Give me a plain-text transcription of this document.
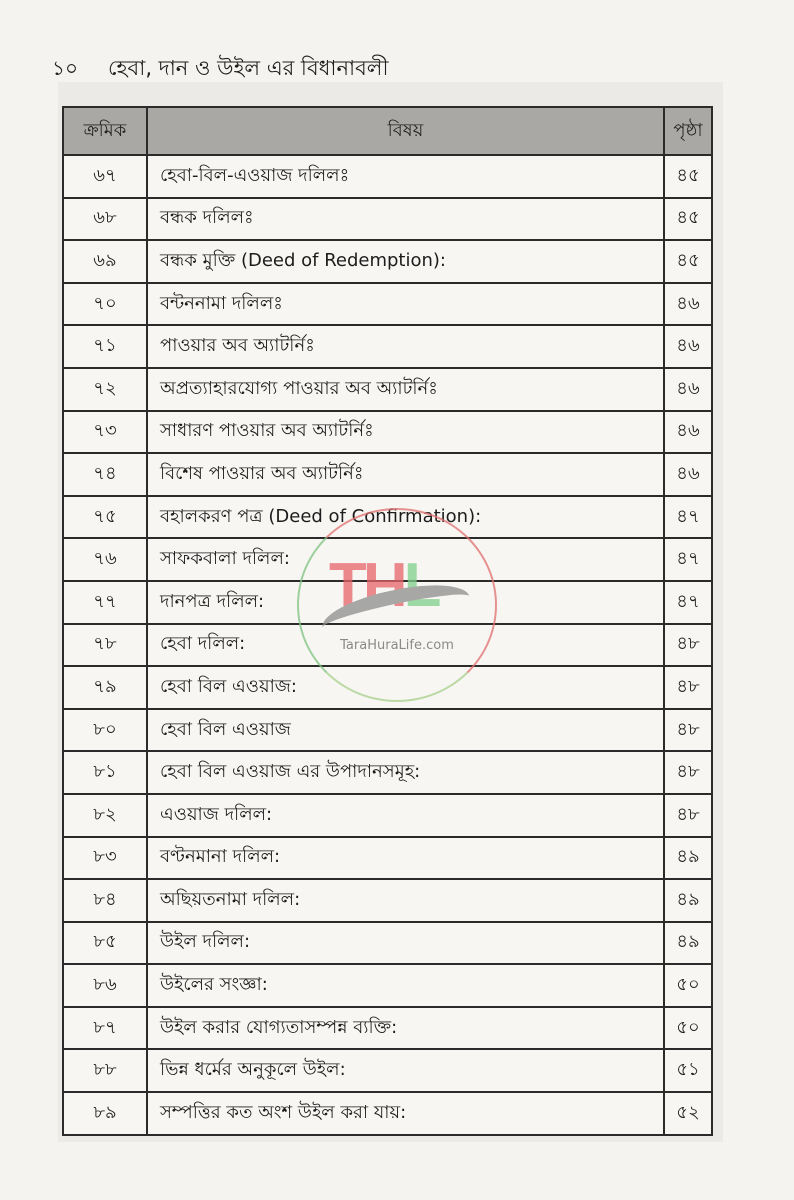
১০ হেবা, দান ও উইল এর বিধানাবলী
ক্রমিক	বিষয়	পৃষ্ঠা
৬৭	হেবা-বিল-এওয়াজ দলিলঃ	৪৫
৬৮	বন্ধক দলিলঃ	৪৫
৬৯	বন্ধক মুক্তি (Deed of Redemption):	৪৫
৭০	বন্টননামা দলিলঃ	৪৬
৭১	পাওয়ার অব অ্যাটর্নিঃ	৪৬
৭২	অপ্রত্যাহারযোগ্য পাওয়ার অব অ্যাটর্নিঃ	৪৬
৭৩	সাধারণ পাওয়ার অব অ্যাটর্নিঃ	৪৬
৭৪	বিশেষ পাওয়ার অব অ্যাটর্নিঃ	৪৬
৭৫	বহালকরণ পত্র (Deed of Confirmation):	৪৭
৭৬	সাফকবালা দলিল:	৪৭
৭৭	দানপত্র দলিল:	৪৭
৭৮	হেবা দলিল:	৪৮
৭৯	হেবা বিল এওয়াজ:	৪৮
৮০	হেবা বিল এওয়াজ	৪৮
৮১	হেবা বিল এওয়াজ এর উপাদানসমূহ:	৪৮
৮২	এওয়াজ দলিল:	৪৮
৮৩	বণ্টনমানা দলিল:	৪৯
৮৪	অছিয়তনামা দলিল:	৪৯
৮৫	উইল দলিল:	৪৯
৮৬	উইলের সংজ্ঞা:	৫০
৮৭	উইল করার যোগ্যতাসম্পন্ন ব্যক্তি:	৫০
৮৮	ভিন্ন ধর্মের অনুকূলে উইল:	৫১
৮৯	সম্পত্তির কত অংশ উইল করা যায়:	৫২
THL
TaraHuraLife.com
